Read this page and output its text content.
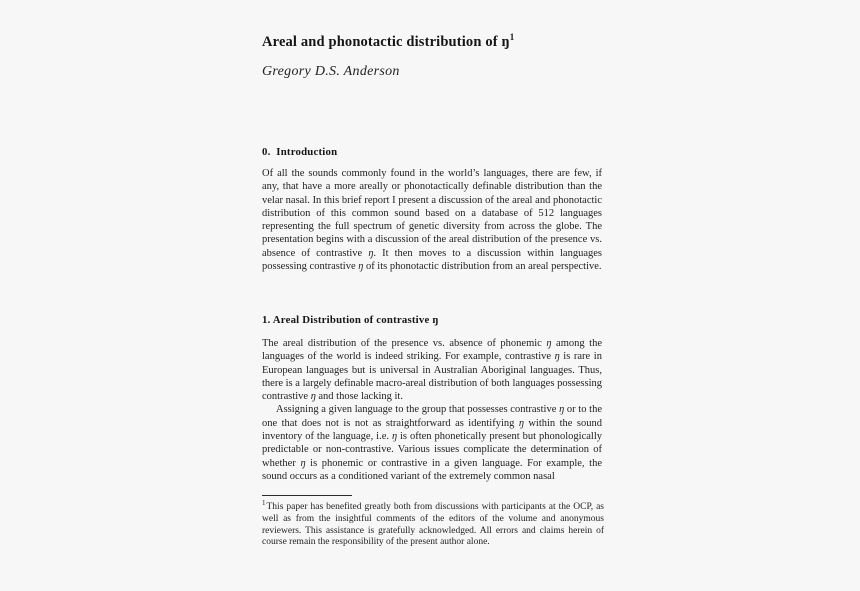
Areal and phonotactic distribution of $ŋ^1$

Gregory D.S. Anderson

0.  Introduction

Of all the sounds commonly found in the world’s languages, there are few, if any, that have a more areally or phonotactically definable distribution than the velar nasal. In this brief report I present a discussion of the areal and phonotactic distribution of this common sound based on a database of 512 languages representing the full spectrum of genetic diversity from across the globe. The presentation begins with a discussion of the areal distribution of the presence vs. absence of contrastive ŋ. It then moves to a discussion within languages possessing contrastive ŋ of its phonotactic distribution from an areal perspective.

1. Areal Distribution of contrastive ŋ

The areal distribution of the presence vs. absence of phonemic ŋ among the languages of the world is indeed striking. For example, contrastive ŋ is rare in European languages but is universal in Australian Aboriginal languages. Thus, there is a largely definable macro-areal distribution of both languages possessing contrastive ŋ and those lacking it.

Assigning a given language to the group that possesses contrastive ŋ or to the one that does not is not as straightforward as identifying ŋ within the sound inventory of the language, i.e. ŋ is often phonetically present but phonologically predictable or non-contrastive. Various issues complicate the determination of whether ŋ is phonemic or contrastive in a given language. For example, the sound occurs as a conditioned variant of the extremely common nasal

$^1$This paper has benefited greatly both from discussions with participants at the OCP, as well as from the insightful comments of the editors of the volume and anonymous reviewers. This assistance is gratefully acknowledged. All errors and claims herein of course remain the responsibility of the present author alone.
